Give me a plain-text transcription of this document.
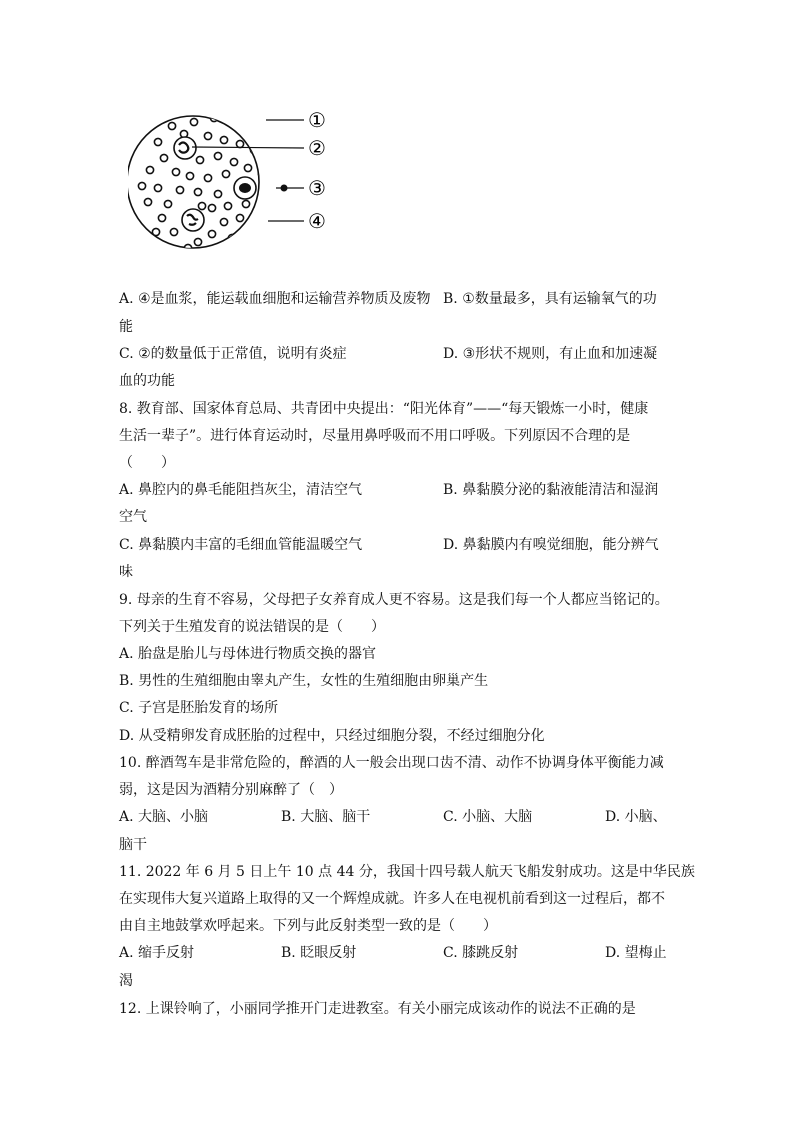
①
②
③
④
A. ④是血浆，能运载血细胞和运输营养物质及废物 B. ①数量最多，具有运输氧气的功
能
C. ②的数量低于正常值，说明有炎症	D. ③形状不规则，有止血和加速凝
血的功能
8. 教育部、国家体育总局、共青团中央提出：“阳光体育”——“每天锻炼一小时，健康
生活一辈子”。进行体育运动时，尽量用鼻呼吸而不用口呼吸。下列原因不合理的是
（　　）
A. 鼻腔内的鼻毛能阻挡灰尘，清洁空气	B. 鼻黏膜分泌的黏液能清洁和湿润
空气
C. 鼻黏膜内丰富的毛细血管能温暖空气	D. 鼻黏膜内有嗅觉细胞，能分辨气
味
9. 母亲的生育不容易，父母把子女养育成人更不容易。这是我们每一个人都应当铭记的。
下列关于生殖发育的说法错误的是（　　）
A. 胎盘是胎儿与母体进行物质交换的器官
B. 男性的生殖细胞由睾丸产生，女性的生殖细胞由卵巢产生
C. 子宫是胚胎发育的场所
D. 从受精卵发育成胚胎的过程中，只经过细胞分裂，不经过细胞分化
10. 醉酒驾车是非常危险的，醉酒的人一般会出现口齿不清、动作不协调身体平衡能力减
弱，这是因为酒精分别麻醉了（　）
A. 大脑、小脑	B. 大脑、脑干	C. 小脑、大脑	D. 小脑、
脑干
11. 2022 年 6 月 5 日上午 10 点 44 分，我国十四号载人航天飞船发射成功。这是中华民族
在实现伟大复兴道路上取得的又一个辉煌成就。许多人在电视机前看到这一过程后，都不
由自主地鼓掌欢呼起来。下列与此反射类型一致的是（　　）
A. 缩手反射	B. 眨眼反射	C. 膝跳反射	D. 望梅止
渴
12. 上课铃响了，小丽同学推开门走进教室。有关小丽完成该动作的说法不正确的是
